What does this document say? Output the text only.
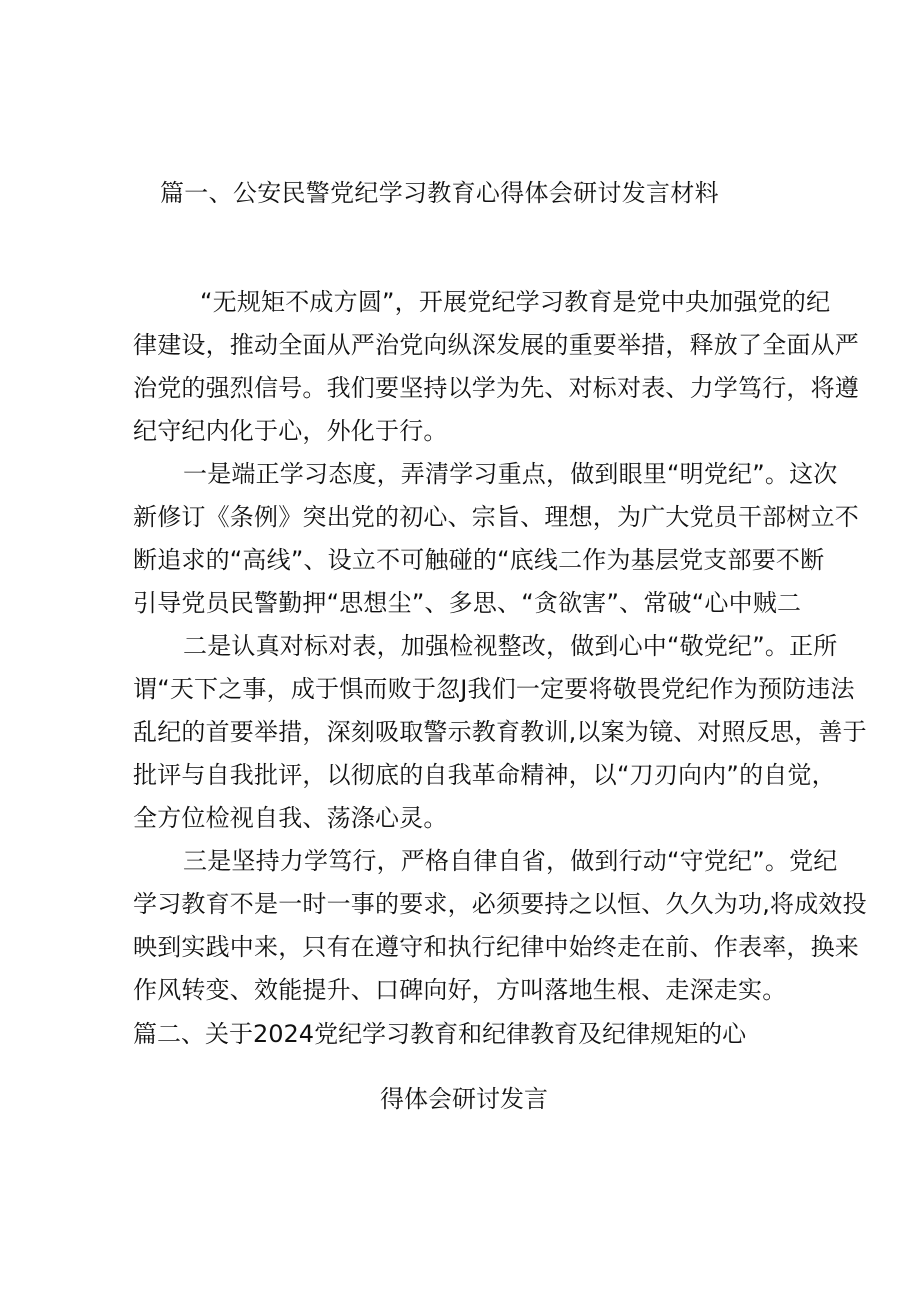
篇一、公安民警党纪学习教育心得体会研讨发言材料
“无规矩不成方圆”，开展党纪学习教育是党中央加强党的纪
律建设，推动全面从严治党向纵深发展的重要举措，释放了全面从严
治党的强烈信号。我们要坚持以学为先、对标对表、力学笃行，将遵
纪守纪内化于心，外化于行。
一是端正学习态度，弄清学习重点，做到眼里“明党纪”。这次
新修订《条例》突出党的初心、宗旨、理想，为广大党员干部树立不
断追求的“高线”、设立不可触碰的“底线二作为基层党支部要不断
引导党员民警勤押“思想尘”、多思、“贪欲害”、常破“心中贼二
二是认真对标对表，加强检视整改，做到心中“敬党纪”。正所
谓“天下之事，成于惧而败于忽J我们一定要将敬畏党纪作为预防违法
乱纪的首要举措，深刻吸取警示教育教训,以案为镜、对照反思，善于
批评与自我批评，以彻底的自我革命精神，以“刀刃向内”的自觉，
全方位检视自我、荡涤心灵。
三是坚持力学笃行，严格自律自省，做到行动“守党纪”。党纪
学习教育不是一时一事的要求，必须要持之以恒、久久为功,将成效投
映到实践中来，只有在遵守和执行纪律中始终走在前、作表率，换来
作风转变、效能提升、口碑向好，方叫落地生根、走深走实。
篇二、关于2024党纪学习教育和纪律教育及纪律规矩的心
得体会研讨发言
